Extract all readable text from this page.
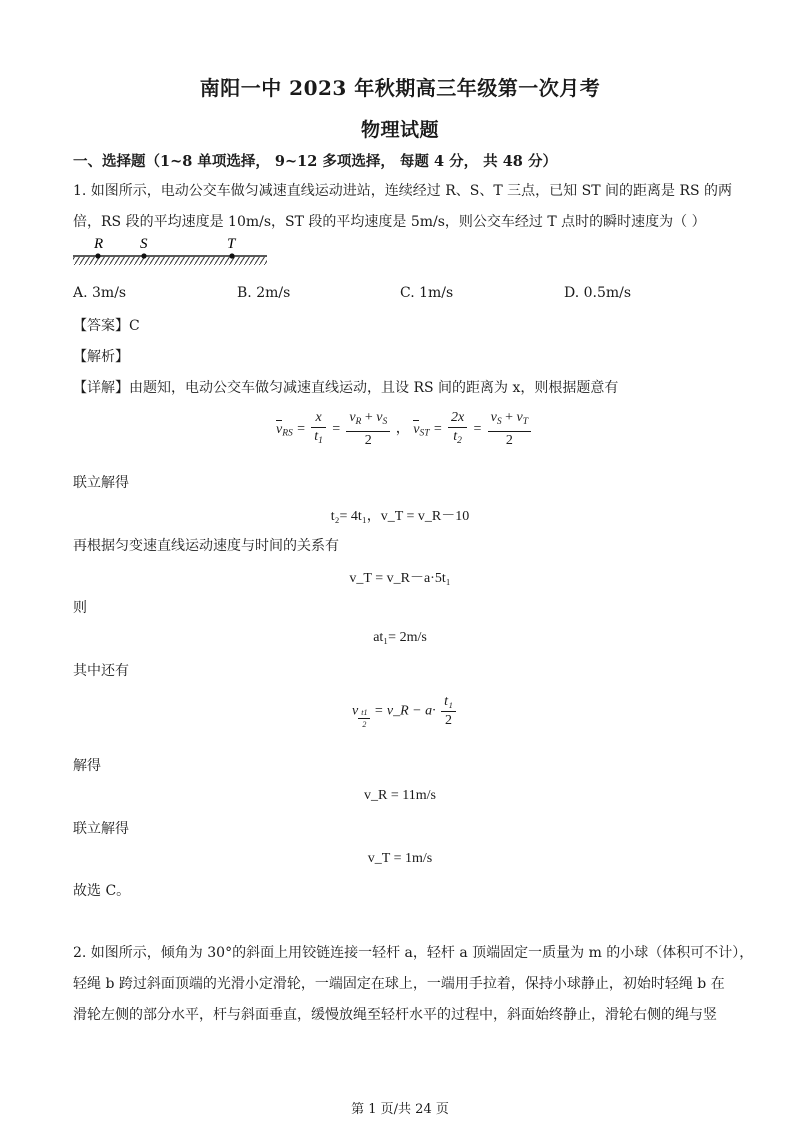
南阳一中 2023 年秋期高三年级第一次月考
物理试题
一、选择题（1~8 单项选择， 9~12 多项选择， 每题 4 分， 共 48 分）
1. 如图所示，电动公交车做匀减速直线运动进站，连续经过 R、S、T 三点，已知 ST 间的距离是 RS 的两
倍，RS 段的平均速度是 10m/s，ST 段的平均速度是 5m/s，则公交车经过 T 点时的瞬时速度为（ ）
R S	T
A. 3m/s	B. 2m/s	C. 1m/s	D. 0.5m/s
【答案】C
【解析】
【详解】由题知，电动公交车做匀减速直线运动，且设 RS 间的距离为 x，则根据题意有
$v_{RS} = \frac{x}{t_1} = \frac{v_R + v_S}{2}$ ， $v_{ST} = \frac{2x}{t_2} = \frac{v_S + v_T}{2}$
联立解得
t₂= 4t₁，v_T = v_R－10
再根据匀变速直线运动速度与时间的关系有
v_T = v_R－a·5t₁
则
at₁= 2m/s
其中还有
v $\frac{t1}{2}$ = v_R − $a\cdot \frac{\text{t₁}}{2}$
解得
v_R = 11m/s
联立解得
v_T = 1m/s
故选 C。
2. 如图所示，倾角为 30°的斜面上用铰链连接一轻杆 a，轻杆 a 顶端固定一质量为 m 的小球（体积可不计），
轻绳 b 跨过斜面顶端的光滑小定滑轮，一端固定在球上，一端用手拉着，保持小球静止，初始时轻绳 b 在
滑轮左侧的部分水平，杆与斜面垂直，缓慢放绳至轻杆水平的过程中，斜面始终静止，滑轮右侧的绳与竖
第 1 页/共 24 页
